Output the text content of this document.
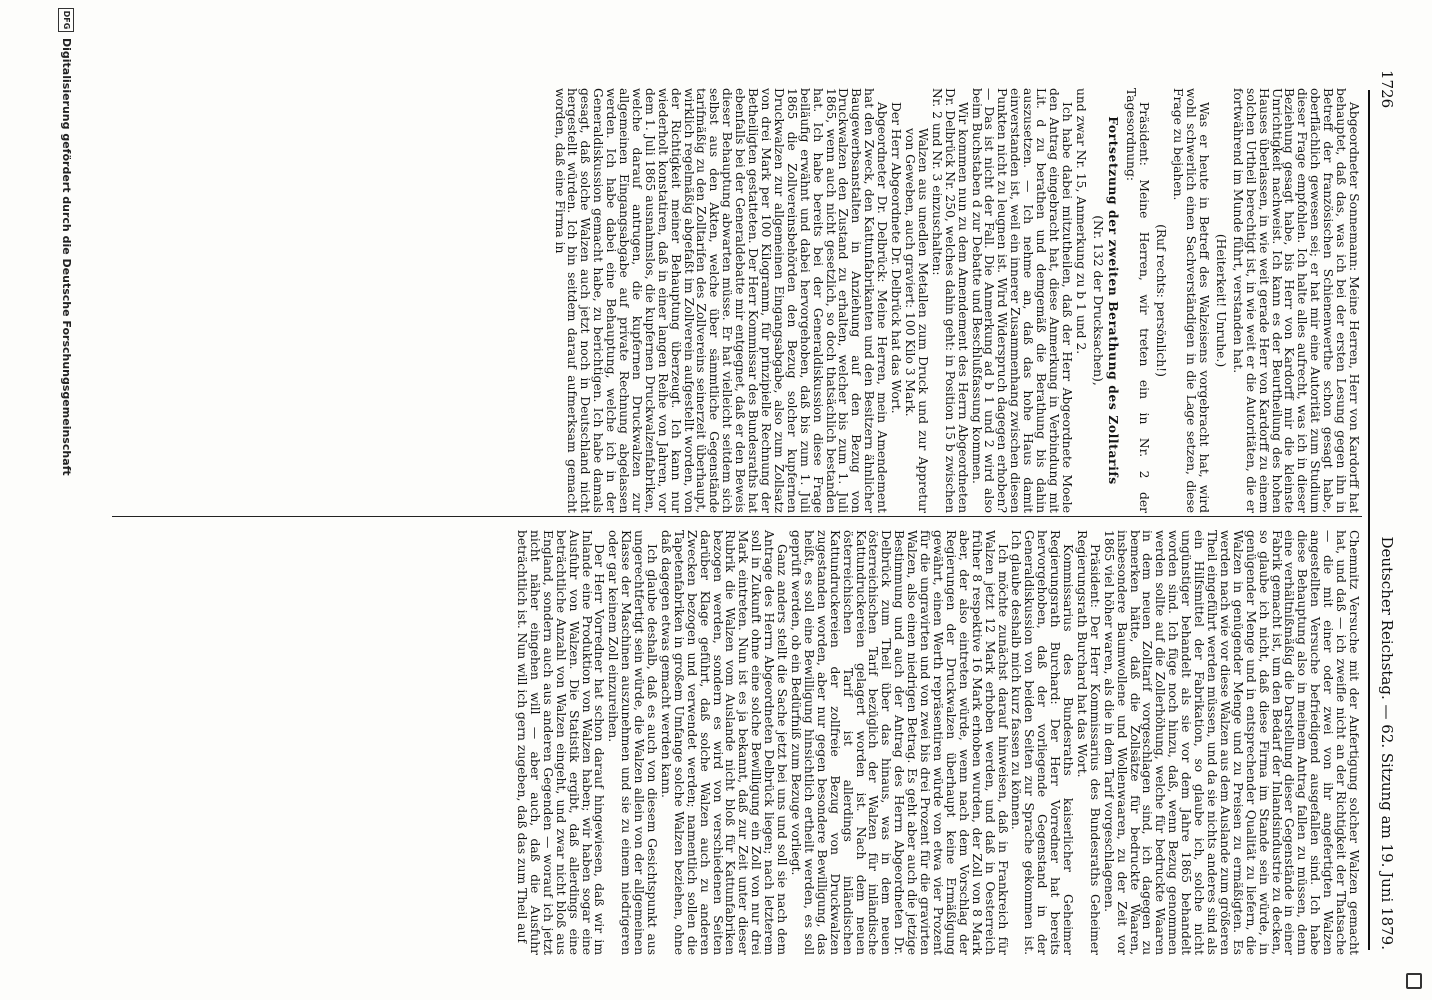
1726
Deutscher Reichstag. — 62. Sitzung am 19. Juni 1879.

Abgeordneter Sonnemann: Meine Herren, Herr von Kardorff hat behauptet, daß das, was ich bei der ersten Lesung gegen ihn in Betreff der französischen Schienenwerthe schon gesagt habe, oberflächlich gewesen sei; er hat mir eine Autorität zum Studium dieser Frage empfohlen. Ich halte alles aufrecht, was ich in dieser Beziehung gesagt habe, bis Herr von Kardorff mir die kleinste Unrichtigkeit nachweist. Ich kann es der Beurtheilung des hohen Hauses überlassen, in wie weit gerade Herr von Kardorff zu einem solchen Urtheil berechtigt ist, in wie weit er die Autoritäten, die er fortwährend im Munde führt, verstanden hat.

(Heiterkeit! Unruhe.)

Was er heute in Betreff des Walzeisens vorgebracht hat, wird wohl schwerlich einen Sachverständigen in die Lage setzen, diese Frage zu bejahen.

(Ruf rechts: persönlich!)

Präsident: Meine Herren, wir treten ein in Nr. 2 der Tagesordnung:

Fortsetzung der zweiten Berathung des Zolltarifs

(Nr. 132 der Drucksachen),

und zwar Nr. 15, Anmerkung zu b 1 und 2.

Ich habe dabei mitzutheilen, daß der Herr Abgeordnete Moele den Antrag eingebracht hat, diese Anmerkung in Verbindung mit Lit. d zu berathen und demgemäß die Berathung bis dahin auszusetzen. — Ich nehme an, daß das hohe Haus damit einverstanden ist, weil ein innerer Zusammenhang zwischen diesen Punkten nicht zu leugnen ist. Wird Widerspruch dagegen erhoben? — Das ist nicht der Fall. Die Anmerkung ad b 1 und 2 wird also beim Buchstaben d zur Debatte und Beschlußfassung kommen.

Wir kommen nun zu dem Amendement des Herrn Abgeordneten Dr. Delbrück Nr. 250, welches dahin geht: in Position 15 b zwischen Nr. 2 und Nr. 3 einzuschalten:

Walzen aus unedlen Metallen zum Druck und zur Appretur von Geweben, auch graviert: 100 Kilo 3 Mark.

Der Herr Abgeordnete Dr. Delbrück hat das Wort.

Abgeordneter Dr. Delbrück: Meine Herren, mein Amendement hat den Zweck, den Kattunfabrikanten und den Besitzern ähnlicher Baugewerbsanstalten in Anziehung auf den Bezug von Druckwalzen den Zustand zu erhalten, welcher bis zum 1. Juli 1865, wenn auch nicht gesetzlich, so doch thatsächlich bestanden hat. Ich habe bereits bei der Generaldiskussion diese Frage beiläufig erwähnt und dabei hervorgehoben, daß bis zum 1. Juli 1865 die Zollvereinsbehörden den Bezug solcher kupfernen Druckwalzen zur allgemeinen Eingangsabgabe, also zum Zollsatz von drei Mark per 100 Kilogramm, für prinzipielle Rechnung der Betheiligten gestatteten. Der Herr Kommissar des Bundesraths hat ebenfalls bei der Generaldebatte mir entgegnet, daß er den Beweis dieser Behauptung abwarten müsse. Er hat vielleicht seitdem sich selbst aus den Akten, welche über sämmtliche Gegenstände tarifmäßig zu den Zolltarifen des Zollvereins seinerzeit überhaupt, wirklich regelmäßig abgefaßt im Zollverein aufgestellt worden, von der Richtigkeit meiner Behauptung überzeugt. Ich kann nur wiederholt konstatiren, daß in einer langen Reihe von Jahren, vor dem 1. Juli 1865 ausnahmslos, die kupfernen Druckwalzenfabriken, welche darauf antrugen, die kupfernen Druckwalzen zur allgemeinen Eingangsabgabe auf private Rechnung abgelassen werden. Ich habe dabei eine Behauptung, welche ich in der Generaldiskussion gemacht habe, zu berichtigen. Ich habe damals gesagt, daß solche Walzen auch jetzt noch in Deutschland nicht hergestellt würden. Ich bin seitdem darauf aufmerksam gemacht worden, daß eine Firma in

Chemnitz Versuche mit der Anfertigung solcher Walzen gemacht hat, und daß — ich zweifle nicht an der Richtigkeit der Thatsache — die mit einer oder zwei von ihr angefertigten Walzen angestellten Versuche befriedigend ausgefallen sind. Ich habe diese Behauptung also in meinem Antrag fallen zu müssen, denn eine verhältnißmäßig die Darstellung dieser Gegenstände in einer Fabrik gemacht ist, um den Bedarf der Inlandsindustrie zu decken, so glaube ich nicht, daß diese Firma im Stande sein würde, in genügender Menge und in entsprechender Qualität zu liefern, die Walzen in genügender Menge und zu Preisen zu ermäßigten. Es werden nach wie vor diese Walzen aus dem Auslande zum größeren Theil eingeführt werden müssen, und da sie nichts anderes sind als ein Hilfsmittel der Fabrikation, so glaube ich, solche nicht ungünstiger behandelt als sie vor dem Jahre 1865 behandelt worden sind. Ich füge noch hinzu, daß, wenn Bezug genommen werden sollte auf die Zollerhöhung, welche für bedruckte Waaren in dem neuen Zolltarif vorgeschlagen sind, ich dagegen zu bemerken hätte, daß die Zollsätze für bedruckte Waaren, insbesondere Baumwollene und Wollenwaaren, zu der Zeit vor 1865 viel höher waren, als die in dem Tarif vorgeschlagenen.

Präsident: Der Herr Kommissarius des Bundesraths Geheimer Regierungsrath Burchard hat das Wort.

Kommissarius des Bundesraths kaiserlicher Geheimer Regierungsrath Burchard: Der Herr Vorredner hat bereits hervorgehoben, daß der vorliegende Gegenstand in der Generaldiskussion von beiden Seiten zur Sprache gekommen ist. Ich glaube deshalb mich kurz fassen zu können.

Ich möchte zunächst darauf hinweisen, daß in Frankreich für Walzen jetzt 12 Mark erhoben werden, und daß in Oesterreich früher 8 respektive 16 Mark erhoben wurden, der Zoll von 8 Mark aber, der also eintreten würde, wenn nach dem Vorschlag der Regierungen der Druckwalzen überhaupt keine Ermäßigung gewährt, einen Werth repräsentiren würde von etwa vier Prozent für die ungravirten und von zwei bis drei Prozent für die gravirten Walzen, also einen niedrigen Betrag. Es geht aber auch die jetzige Bestimmung und auch der Antrag des Herrn Abgeordneten Dr. Delbrück zum Theil über das hinaus, was in dem neuen österreichischen Tarif bezüglich der Walzen für inländische Kattundruckereien gelagert worden ist. Nach dem neuen österreichischen Tarif ist allerdings inländischen Kattundruckereien der zollfreie Bezug von Druckwalzen zugestanden worden, aber nur gegen besondere Bewilligung, das heißt, es soll eine Bewilligung hinsichtlich ertheilt werden, es soll geprüft werden, ob ein Bedürfniß zum Bezuge vorliegt.

Ganz anders stellt die Sache jetzt bei uns und soll sie nach dem Antrage des Herrn Abgeordneten Delbrück liegen; nach letzterem soll in Zukunft ohne eine solche Bewilligung ein Zoll von nur drei Mark eintreten. Nun ist es ja bekannt, daß zur Zeit unter dieser Rubrik die Walzen vom Auslande nicht bloß für Kattunfabriken bezogen werden, sondern es wird von verschiedenen Seiten darüber Klage geführt, daß solche Walzen auch zu anderen Zwecken bezogen und verwendet werden; namentlich sollen die Tapetenfabriken in großem Umfange solche Walzen beziehen, ohne daß dagegen etwas gemacht werden kann.

Ich glaube deshalb, daß es auch von diesem Gesichtspunkt aus ungerechtfertigt sein würde, die Walzen allein von der allgemeinen Klasse der Maschinen auszunehmen und sie zu einem niedrigeren oder gar keinem Zoll einzureihen.

Der Herr Vorredner hat schon darauf hingewiesen, daß wir im Inlande eine Produktion von Walzen haben; wir haben sogar eine Ausfuhr von Walzen. Die Statistik ergibt, daß allerdings eine beträchtliche Anzahl von Walzen eingeht, und zwar nicht bloß aus England, sondern auch aus anderen Gegenden — worauf ich jetzt nicht näher eingehen will — aber auch, daß die Ausfuhr beträchtlich ist. Nun will ich gern zugeben, daß das zum Theil auf

DFG
Digitalisierung gefördert durch die Deutsche Forschungsgemeinschaft
